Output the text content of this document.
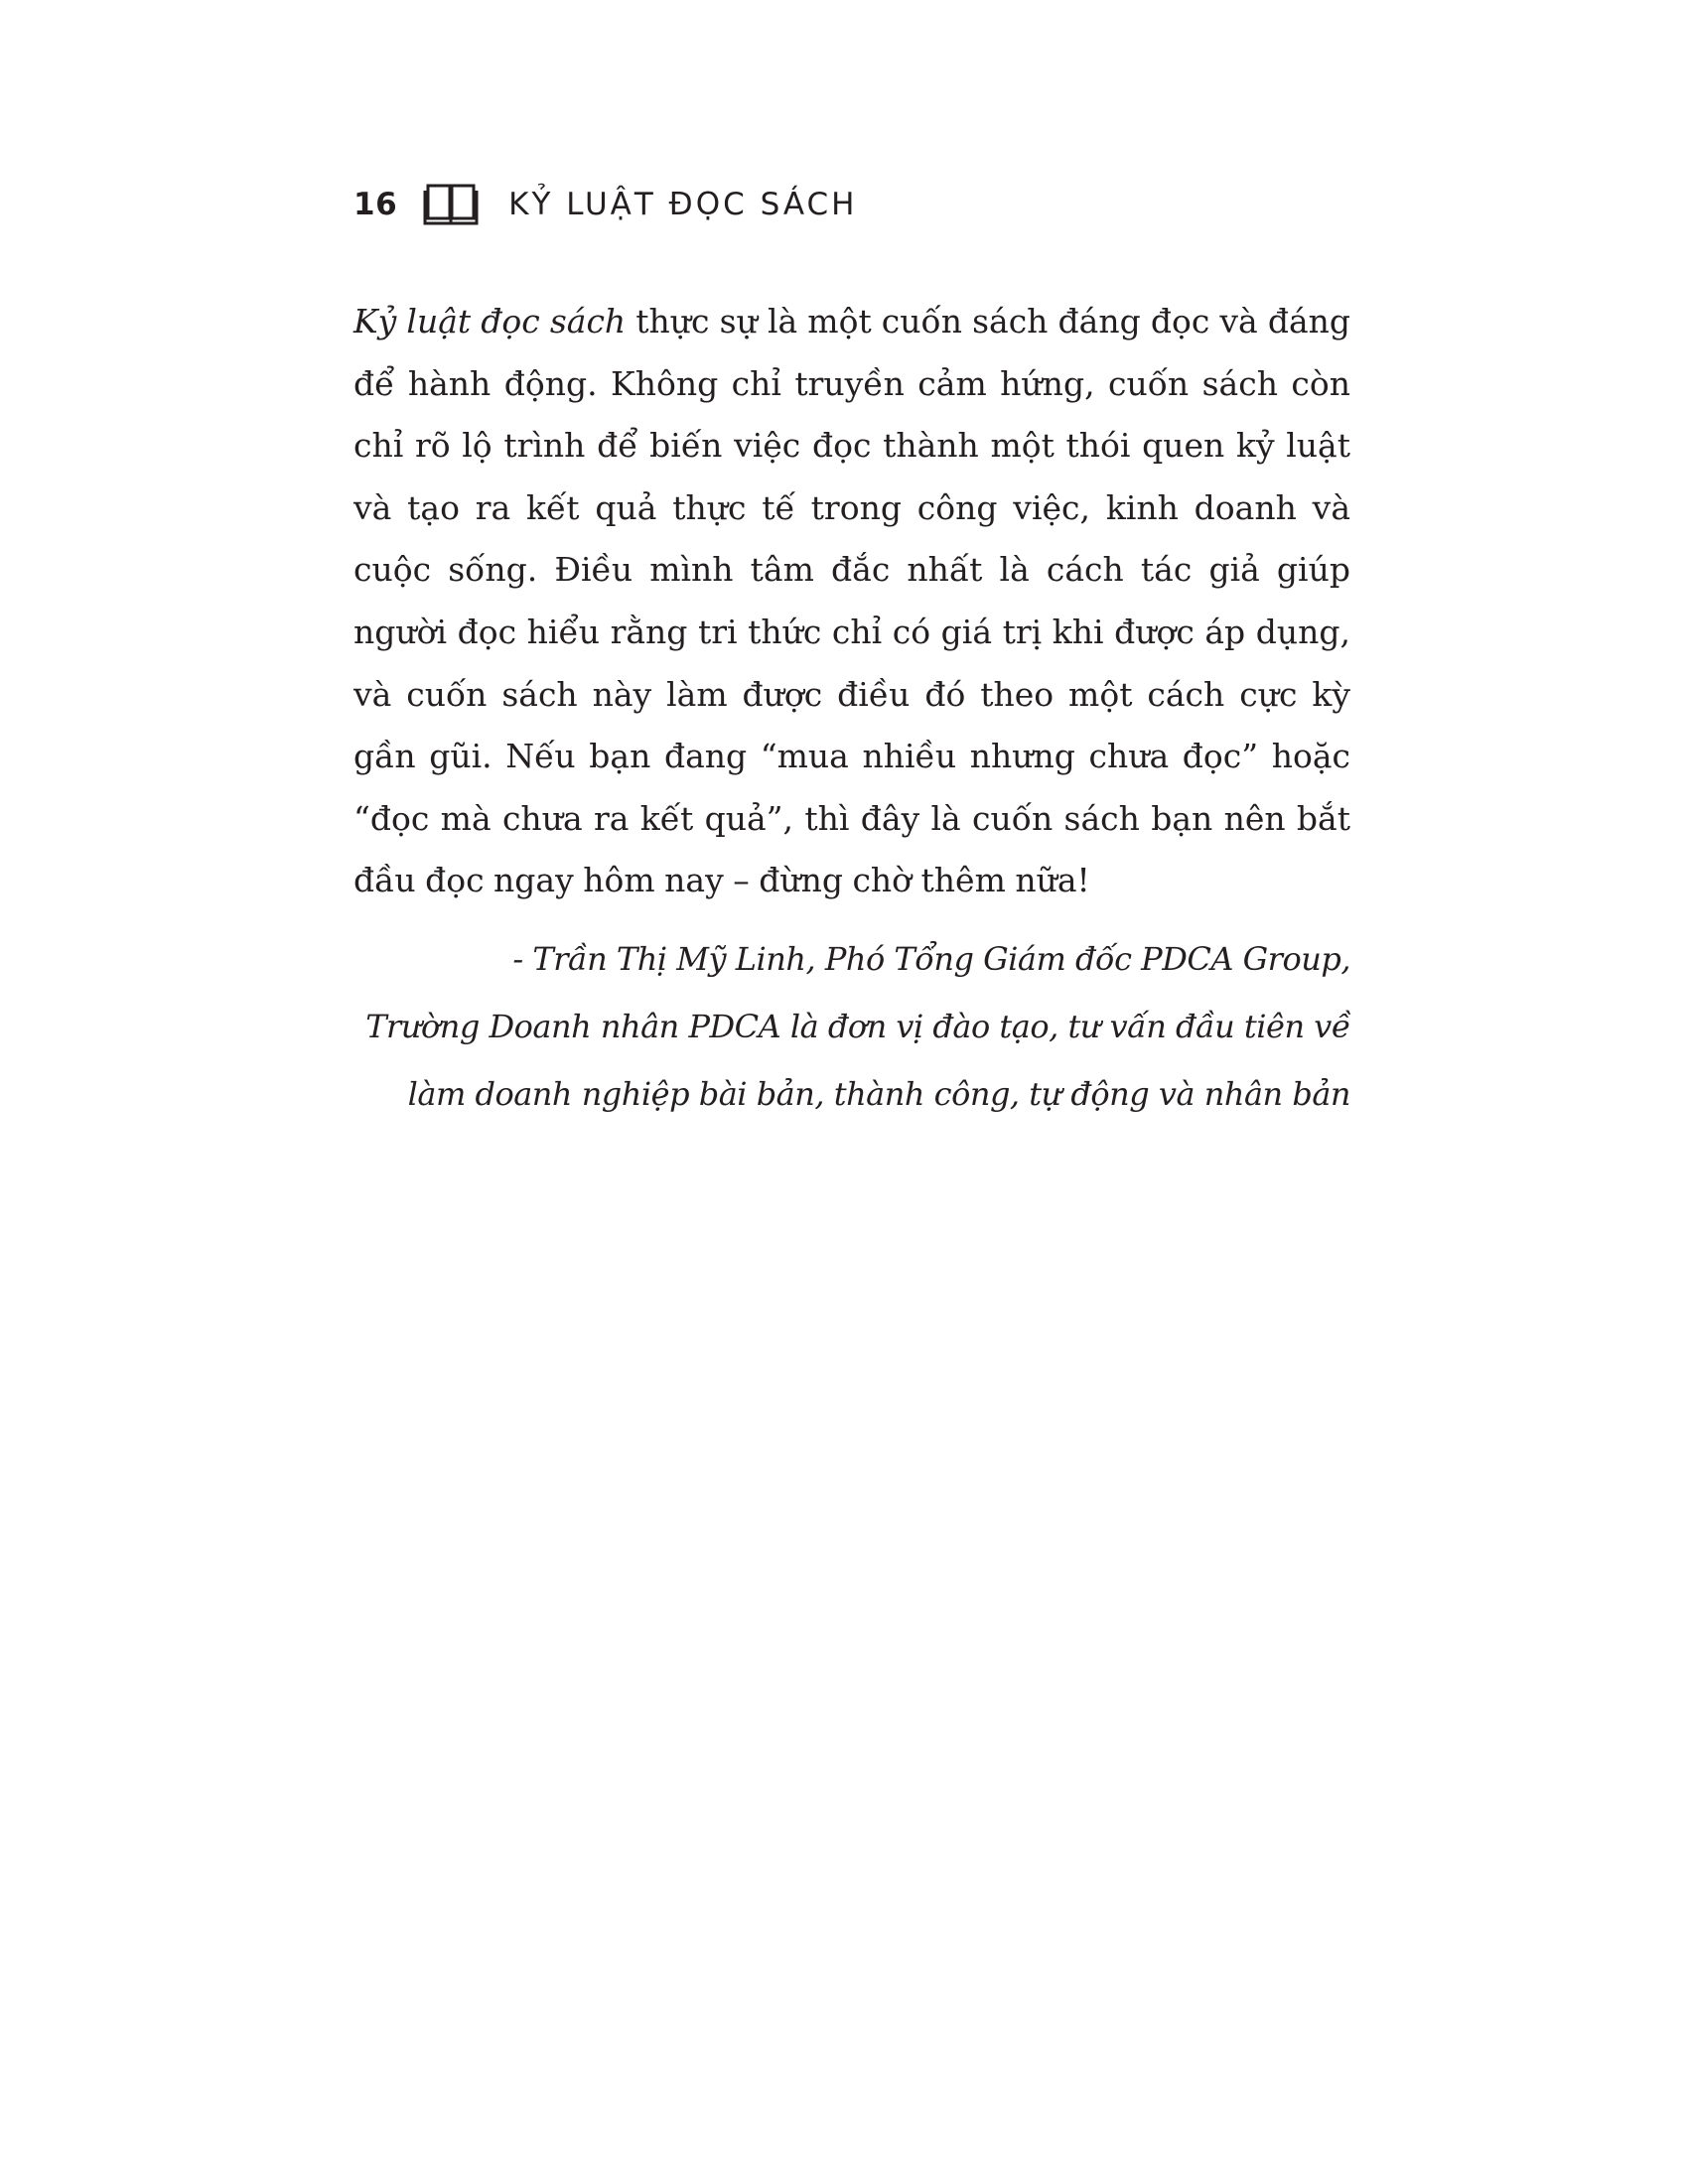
16	KỶ LUẬT ĐỌC SÁCH

Kỷ luật đọc sách thực sự là một cuốn sách đáng đọc và đáng để hành động. Không chỉ truyền cảm hứng, cuốn sách còn chỉ rõ lộ trình để biến việc đọc thành một thói quen kỷ luật và tạo ra kết quả thực tế trong công việc, kinh doanh và cuộc sống. Điều mình tâm đắc nhất là cách tác giả giúp người đọc hiểu rằng tri thức chỉ có giá trị khi được áp dụng, và cuốn sách này làm được điều đó theo một cách cực kỳ gần gũi. Nếu bạn đang “mua nhiều nhưng chưa đọc” hoặc “đọc mà chưa ra kết quả”, thì đây là cuốn sách bạn nên bắt đầu đọc ngay hôm nay – đừng chờ thêm nữa!

- Trần Thị Mỹ Linh, Phó Tổng Giám đốc PDCA Group,
Trường Doanh nhân PDCA là đơn vị đào tạo, tư vấn đầu tiên về
làm doanh nghiệp bài bản, thành công, tự động và nhân bản
